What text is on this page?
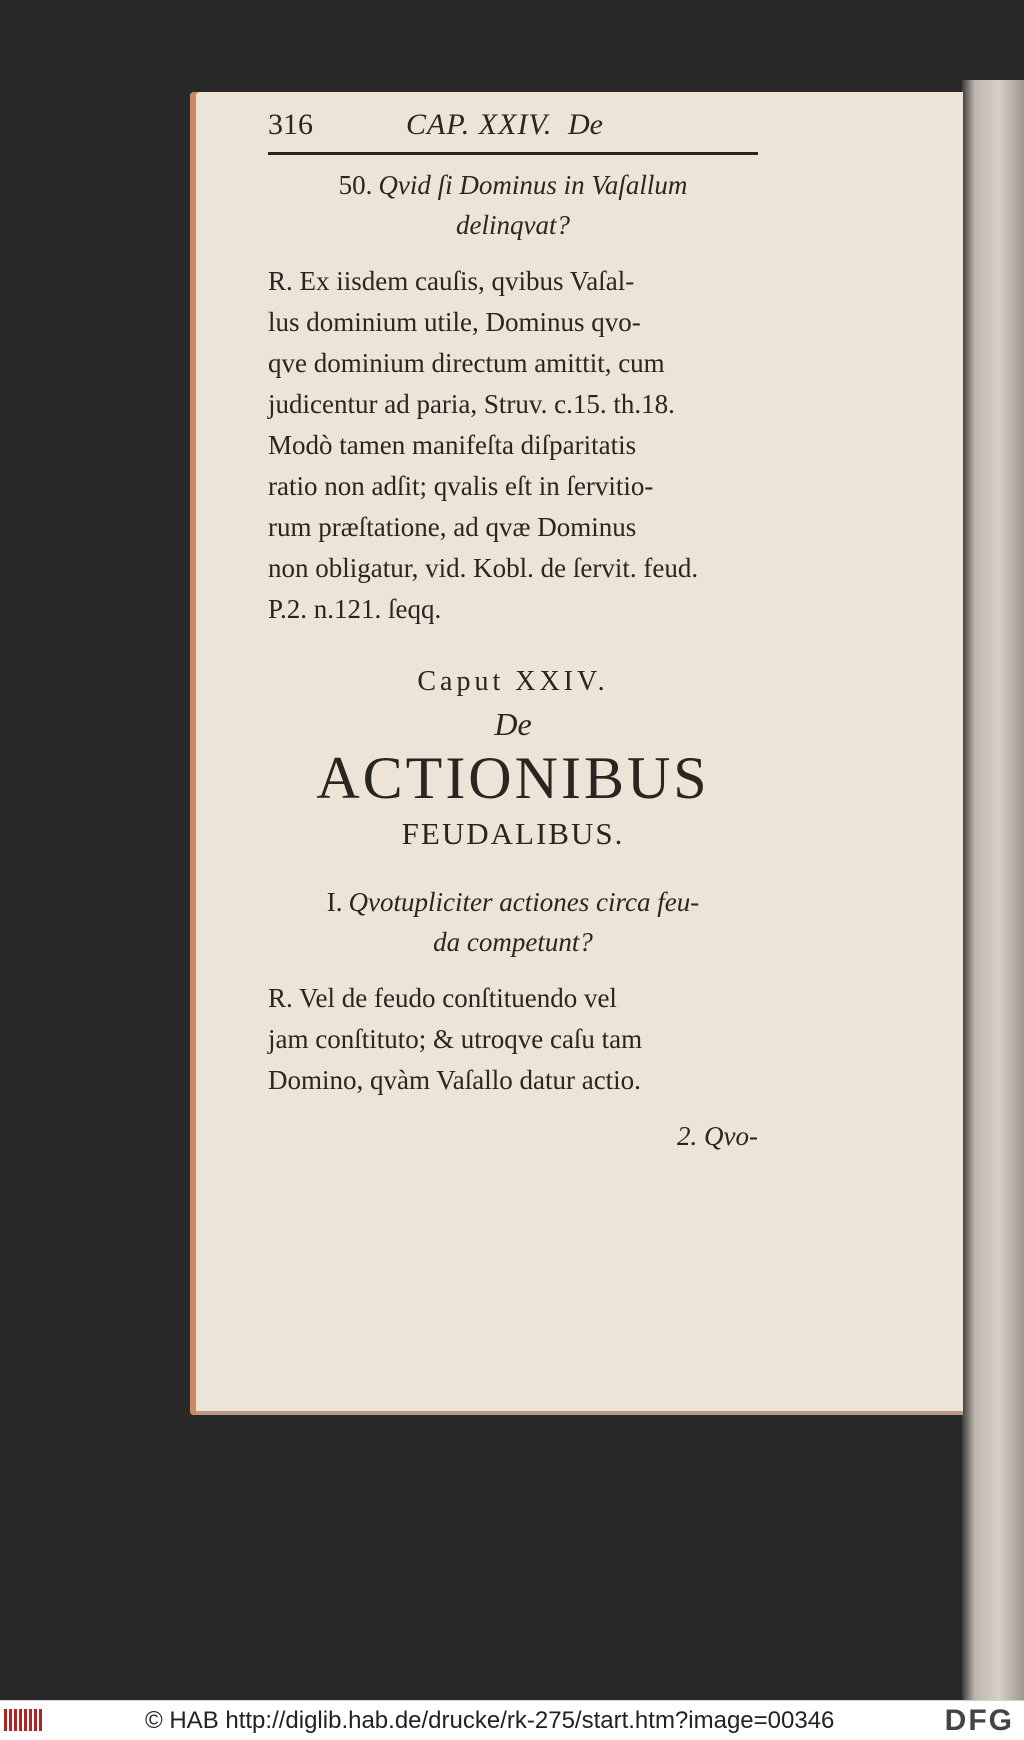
316	CAP. XXIV. De
50. Qvid ſi Dominus in Vaſallum
delinqvat?

R. Ex iisdem cauſis, qvibus Vaſal-
lus dominium utile, Dominus qvo-
qve dominium directum amittit, cum
judicentur ad paria, Struv. c.15. th.18.
Modò tamen manifeſta diſparitatis
ratio non adſit; qvalis eſt in ſervitio-
rum præſtatione, ad qvæ Dominus
non obligatur, vid. Kobl. de ſervit. feud.
P.2. n.121. ſeqq.

Caput XXIV.
De
ACTIONIBUS
FEUDALIBUS.
I. Qvotupliciter actiones circa feu-
da competunt?

R. Vel de feudo conſtituendo vel
jam conſtituto; & utroqve caſu tam
Domino, qvàm Vaſallo datur actio.

2. Qvo-
© HAB http://diglib.hab.de/drucke/rk-275/start.htm?image=00346	DFG
